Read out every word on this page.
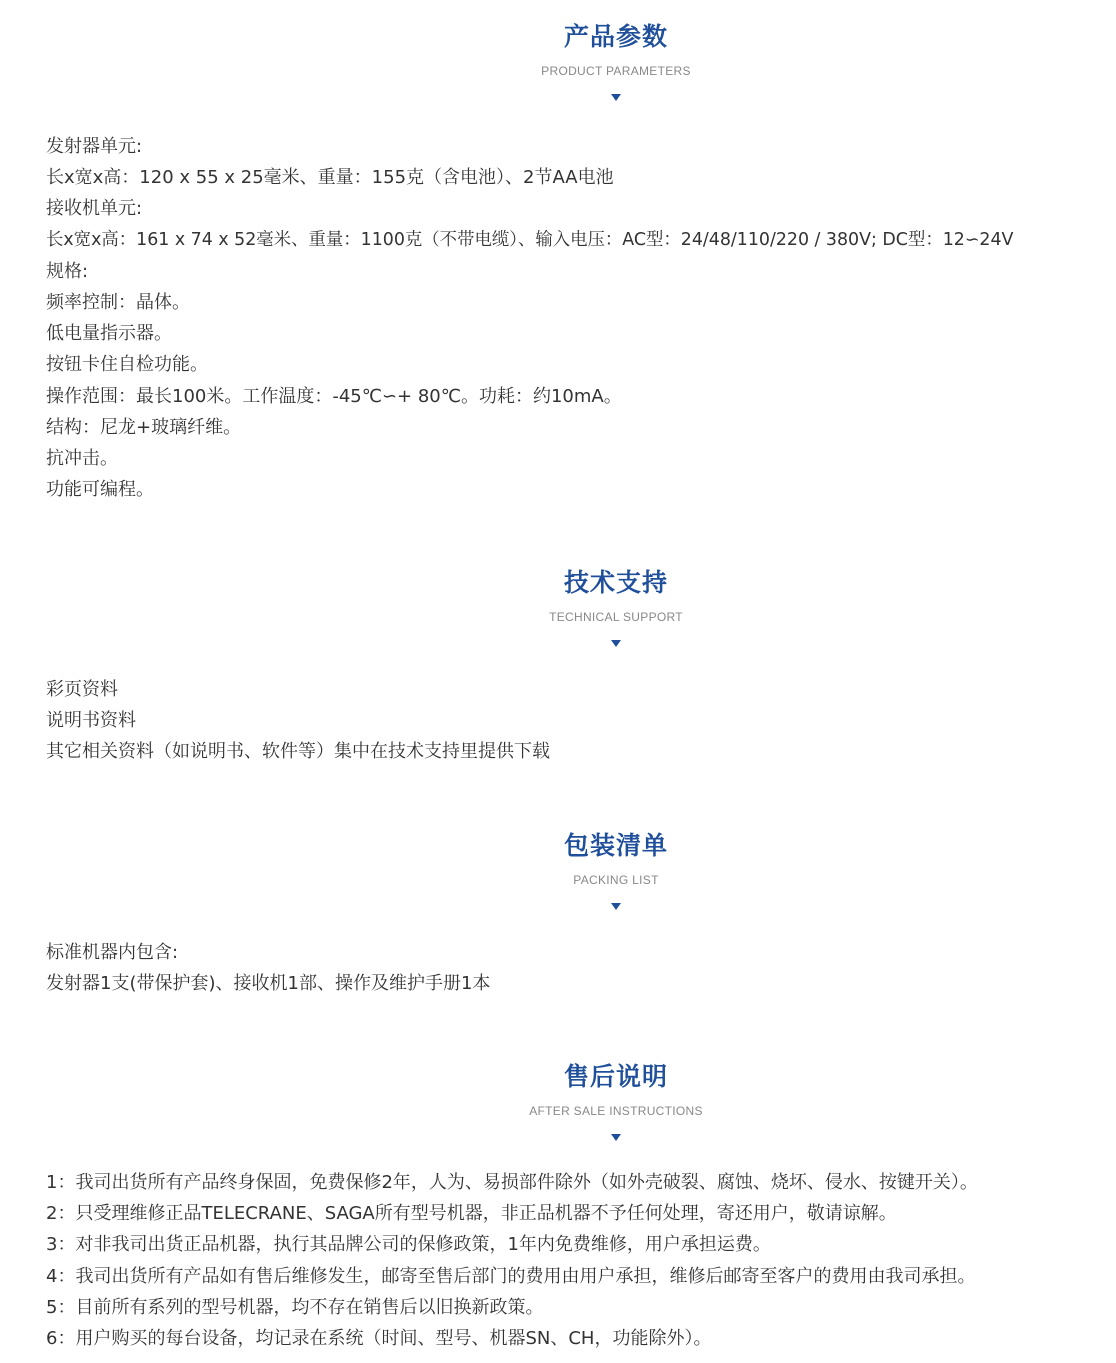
产品参数
PRODUCT PARAMETERS
发射器单元:
长x宽x高：120 x 55 x 25毫米、重量：155克（含电池）、2节AA电池
接收机单元:
长x宽x高：161 x 74 x 52毫米、重量：1100克（不带电缆）、输入电压：AC型：24/48/110/220 / 380V; DC型：12∽24V
规格:
频率控制：晶体。
低电量指示器。
按钮卡住自检功能。
操作范围：最长100米。工作温度：-45℃∽+ 80℃。功耗：约10mA。
结构：尼龙+玻璃纤维。
抗冲击。
功能可编程。
技术支持
TECHNICAL SUPPORT
彩页资料
说明书资料
其它相关资料（如说明书、软件等）集中在技术支持里提供下载
包装清单
PACKING LIST
标准机器内包含:
发射器1支(带保护套)、接收机1部、操作及维护手册1本
售后说明
AFTER SALE INSTRUCTIONS
1：我司出货所有产品终身保固，免费保修2年，人为、易损部件除外（如外壳破裂、腐蚀、烧坏、侵水、按键开关）。
2：只受理维修正品TELECRANE、SAGA所有型号机器，非正品机器不予任何处理，寄还用户，敬请谅解。
3：对非我司出货正品机器，执行其品牌公司的保修政策，1年内免费维修，用户承担运费。
4：我司出货所有产品如有售后维修发生，邮寄至售后部门的费用由用户承担，维修后邮寄至客户的费用由我司承担。
5：目前所有系列的型号机器，均不存在销售后以旧换新政策。
6：用户购买的每台设备，均记录在系统（时间、型号、机器SN、CH，功能除外）。
